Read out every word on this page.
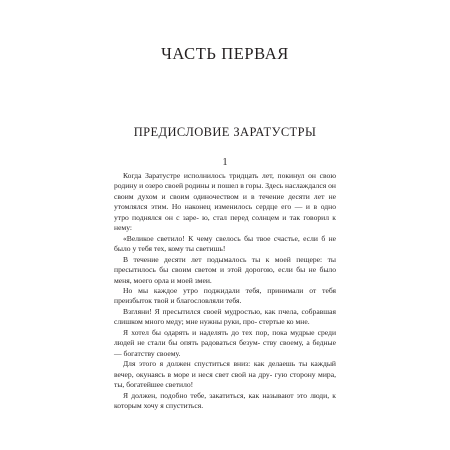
ЧАСТЬ ПЕРВАЯ
ПРЕДИСЛОВИЕ ЗАРАТУСТРЫ
1

Когда Заратустре исполнилось тридцать лет, покинул он свою родину и озеро своей родины и пошел в горы. Здесь наслаждался он своим духом и своим одиночеством и в течение десяти лет не утомлялся этим. Но наконец изменилось сердце его — и в одно утро поднялся он с заре- ю, стал перед солнцем и так говорил к нему:

«Великое светило! К чему свелось бы твое счастье, если б не было у тебя тех, кому ты светишь!

В течение десяти лет подымалось ты к моей пещере: ты пресытилось бы своим светом и этой дорогою, если бы не было меня, моего орла и моей змеи.

Но мы каждое утро поджидали тебя, принимали от тебя преизбыток твой и благословляли тебя.

Взгляни! Я пресытился своей мудростью, как пчела, собравшая слишком много меду; мне нужны руки, про- стертые ко мне.

Я хотел бы одарять и наделять до тех пор, пока мудрые среди людей не стали бы опять радоваться безум- ству своему, а бедные — богатству своему.

Для этого я должен спуститься вниз: как делаешь ты каждый вечер, окунаясь в море и неся свет свой на дру- гую сторону мира, ты, богатейшее светило!

Я должен, подобно тебе, закатиться, как называют это люди, к которым хочу я спуститься.
